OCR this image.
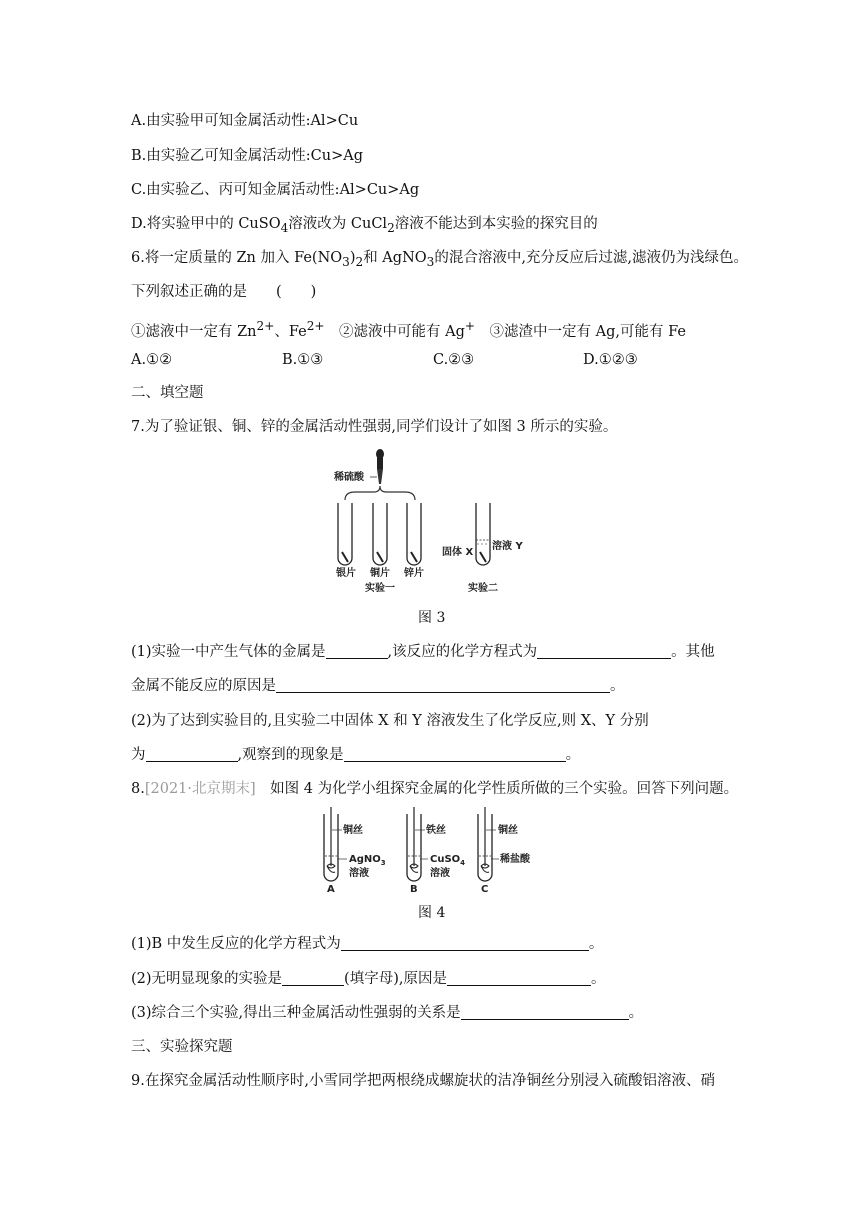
A.由实验甲可知金属活动性:Al>Cu
B.由实验乙可知金属活动性:Cu>Ag
C.由实验乙、丙可知金属活动性:Al>Cu>Ag
D.将实验甲中的 CuSO$_4$溶液改为 CuCl$_2$溶液不能达到本实验的探究目的
6.将一定质量的 Zn 加入 $Fe(NO_3)_2$和 AgNO$_3$的混合溶液中,充分反应后过滤,滤液仍为浅绿色。
下列叙述正确的是　　(　　)
①滤液中一定有 $Zn^{2+}$、$Fe^{2+}$　 ②滤液中可能有 Ag+　 ③滤渣中一定有 Ag,可能有 Fe
A.①②	B.①③	C.②③	D.①②③
二、填空题
7.为了验证银、铜、锌的金属活动性强弱,同学们设计了如图 3 所示的实验。
稀硫酸
银片 铜片 锌片
实验一
固体 X
溶液 Y
实验二
图 3
(1)实验一中产生气体的金属是	,该反应的化学方程式为	。其他
金属不能反应的原因是	。
(2)为了达到实验目的,且实验二中固体 X 和 Y 溶液发生了化学反应,则 X、Y 分别
为	,观察到的现象是	。
8.[2021·北京期末]　 如图 4 为化学小组探究金属的化学性质所做的三个实验。回答下列问题。
铜丝	铁丝	铜丝
AgNO$_3$
溶液
CuSO$_4$
溶液
稀盐酸
A	B	C
图 4
(1)B 中发生反应的化学方程式为	。
(2)无明显现象的实验是	(填字母),原因是	。
(3)综合三个实验,得出三种金属活动性强弱的关系是	。
三、实验探究题
9.在探究金属活动性顺序时,小雪同学把两根绕成螺旋状的洁净铜丝分别浸入硫酸铝溶液、硝
